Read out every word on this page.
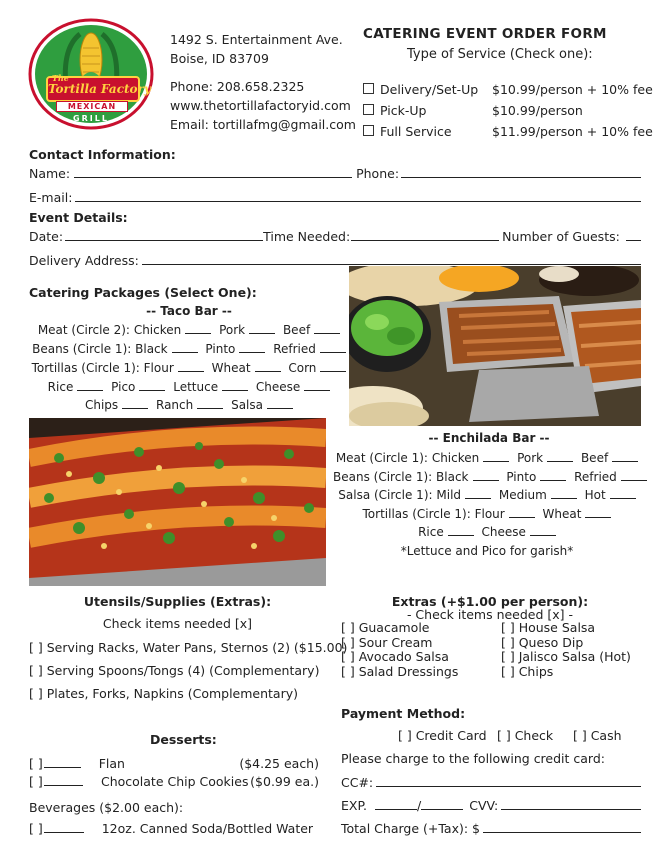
The
Tortilla Factory
MEXICAN
GRILL
1492 S. Entertainment Ave.
Boise, ID 83709
Phone: 208.658.2325
www.thetortillafactoryid.com
Email: tortillafmg@gmail.com
CATERING EVENT ORDER FORM
Type of Service (Check one):
Delivery/Set-Up	$10.99/person + 10% fee
Pick-Up	$10.99/person
Full Service	$11.99/person + 10% fee
Contact Information:
Name:	Phone:
E-mail:
Event Details:
Date:	Time Needed:	Number of Guests:
Delivery Address:
Catering Packages (Select One):
-- Taco Bar --
Meat (Circle 2): Chicken	Pork	Beef
Beans (Circle 1): Black	Pinto	Refried
Tortillas (Circle 1): Flour	Wheat	Corn
Rice	Pico	Lettuce	Cheese
Chips	Ranch	Salsa
-- Enchilada Bar --
Meat (Circle 1): Chicken	Pork	Beef
Beans (Circle 1): Black	Pinto	Refried
Salsa (Circle 1): Mild	Medium	Hot
Tortillas (Circle 1): Flour	Wheat
Rice	Cheese
*Lettuce and Pico for garish*
Utensils/Supplies (Extras):
Check items needed [x]
[ ] Serving Racks, Water Pans, Sternos (2) ($15.00)
[ ] Serving Spoons/Tongs (4) (Complementary)
[ ] Plates, Forks, Napkins (Complementary)
Extras (+$1.00 per person):
- Check items needed [x] -
[ ] Guacamole	[ ] House Salsa
[ ] Sour Cream	[ ] Queso Dip
[ ] Avocado Salsa	[ ] Jalisco Salsa (Hot)
[ ] Salad Dressings	[ ] Chips
Payment Method:
[ ] Credit Card [ ] Check [ ] Cash
Please charge to the following credit card:
CC#:
EXP.	/	CVV:
Total Charge (+Tax): $
Desserts:
[ ]	Flan	($4.25 each)
[ ]	Chocolate Chip Cookies ($0.99 ea.)
Beverages ($2.00 each):
[ ]	12oz. Canned Soda/Bottled Water
